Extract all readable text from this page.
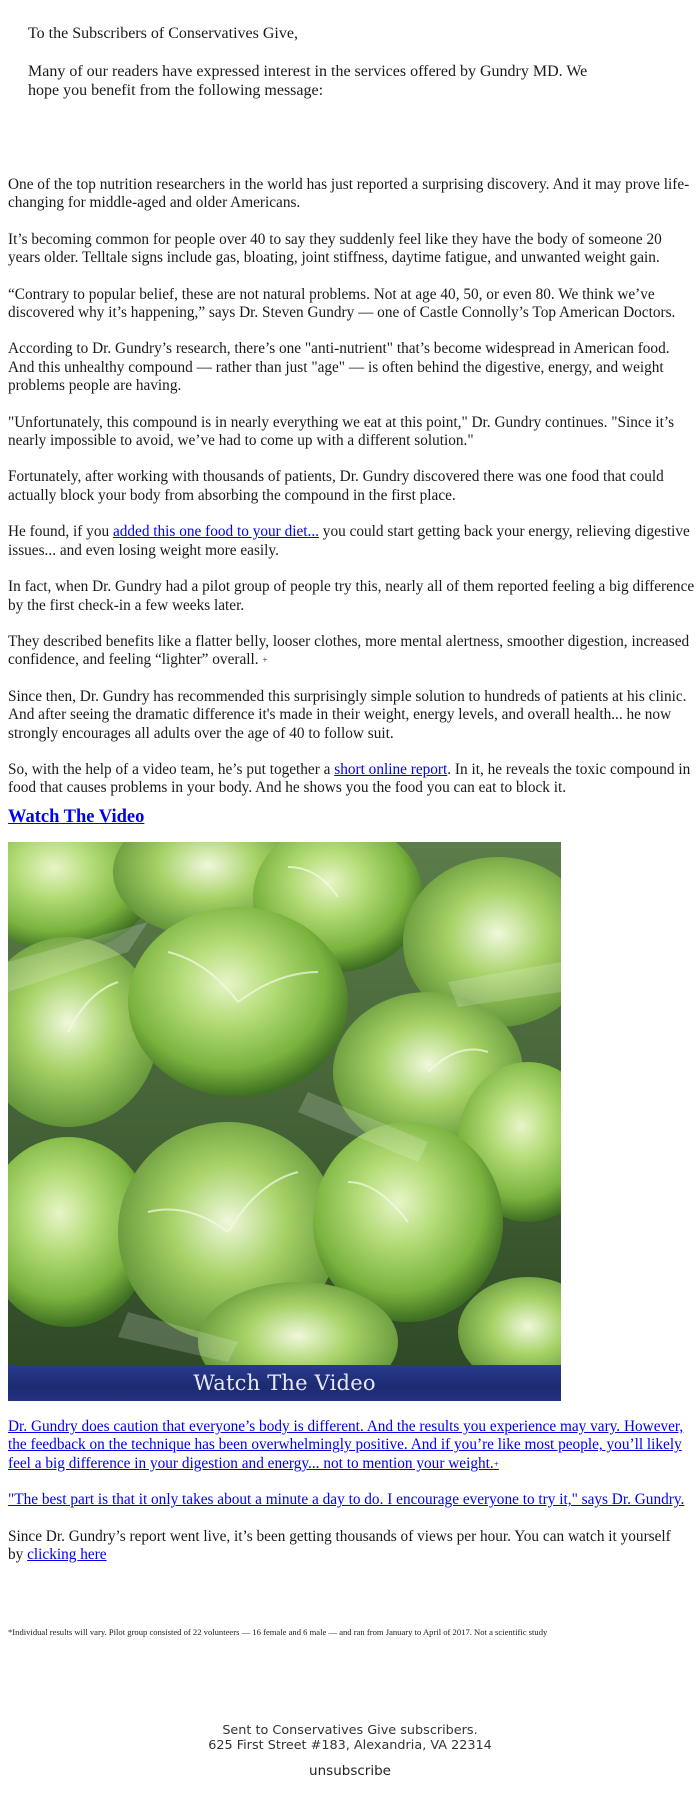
To the Subscribers of Conservatives Give,

Many of our readers have expressed interest in the services offered by Gundry MD. We hope you benefit from the following message:

One of the top nutrition researchers in the world has just reported a surprising discovery. And it may prove life-changing for middle-aged and older Americans.

It’s becoming common for people over 40 to say they suddenly feel like they have the body of someone 20 years older. Telltale signs include gas, bloating, joint stiffness, daytime fatigue, and unwanted weight gain.

“Contrary to popular belief, these are not natural problems. Not at age 40, 50, or even 80. We think we’ve discovered why it’s happening,” says Dr. Steven Gundry — one of Castle Connolly’s Top American Doctors.

According to Dr. Gundry’s research, there’s one "anti-nutrient" that’s become widespread in American food. And this unhealthy compound — rather than just "age" — is often behind the digestive, energy, and weight problems people are having.

"Unfortunately, this compound is in nearly everything we eat at this point," Dr. Gundry continues. "Since it’s nearly impossible to avoid, we’ve had to come up with a different solution."

Fortunately, after working with thousands of patients, Dr. Gundry discovered there was one food that could actually block your body from absorbing the compound in the first place.

He found, if you added this one food to your diet... you could start getting back your energy, relieving digestive issues... and even losing weight more easily.

In fact, when Dr. Gundry had a pilot group of people try this, nearly all of them reported feeling a big difference by the first check-in a few weeks later.

They described benefits like a flatter belly, looser clothes, more mental alertness, smoother digestion, increased confidence, and feeling “lighter” overall. +

Since then, Dr. Gundry has recommended this surprisingly simple solution to hundreds of patients at his clinic. And after seeing the dramatic difference it's made in their weight, energy levels, and overall health... he now strongly encourages all adults over the age of 40 to follow suit.

So, with the help of a video team, he’s put together a short online report. In it, he reveals the toxic compound in food that causes problems in your body. And he shows you the food you can eat to block it.

Watch The Video
Watch The Video

Dr. Gundry does caution that everyone’s body is different. And the results you experience may vary. However, the feedback on the technique has been overwhelmingly positive. And if you’re like most people, you’ll likely feel a big difference in your digestion and energy... not to mention your weight.+

"The best part is that it only takes about a minute a day to do. I encourage everyone to try it," says Dr. Gundry.

Since Dr. Gundry’s report went live, it’s been getting thousands of views per hour. You can watch it yourself by clicking here

*Individual results will vary. Pilot group consisted of 22 volunteers — 16 female and 6 male — and ran from January to April of 2017. Not a scientific study
Sent to Conservatives Give subscribers.
625 First Street #183, Alexandria, VA 22314
unsubscribe
